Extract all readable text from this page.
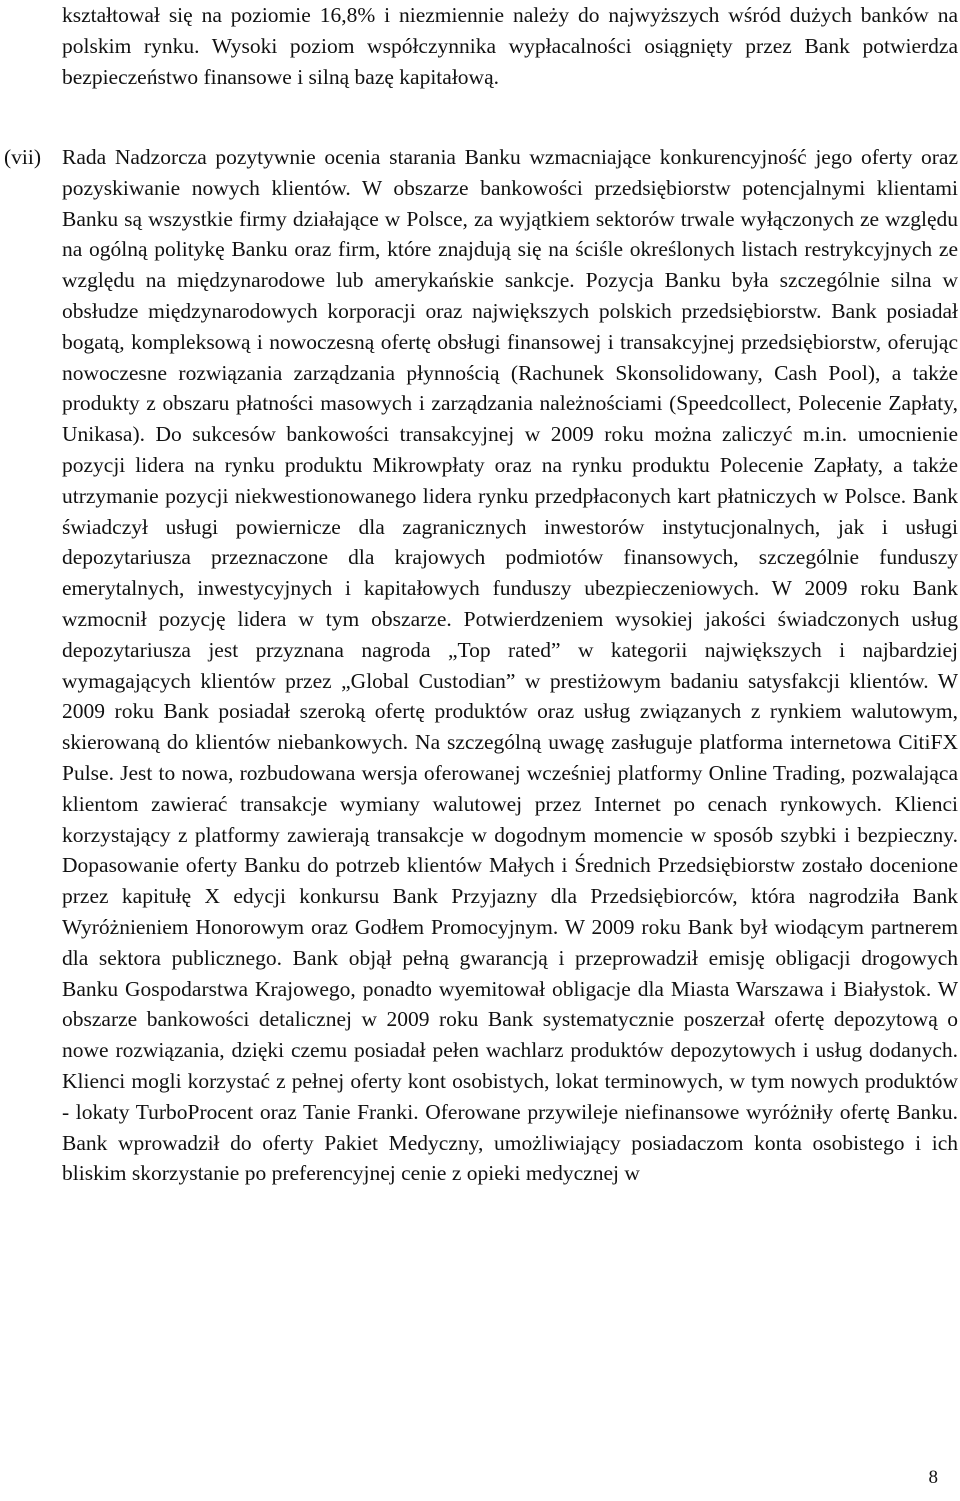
kształtował się na poziomie 16,8% i niezmiennie należy do najwyższych wśród dużych banków na polskim rynku. Wysoki poziom współczynnika wypłacalności osiągnięty przez Bank potwierdza bezpieczeństwo finansowe i silną bazę kapitałową.

(vii) Rada Nadzorcza pozytywnie ocenia starania Banku wzmacniające konkurencyjność jego oferty oraz pozyskiwanie nowych klientów. W obszarze bankowości przedsiębiorstw potencjalnymi klientami Banku są wszystkie firmy działające w Polsce, za wyjątkiem sektorów trwale wyłączonych ze względu na ogólną politykę Banku oraz firm, które znajdują się na ściśle określonych listach restrykcyjnych ze względu na międzynarodowe lub amerykańskie sankcje. Pozycja Banku była szczególnie silna w obsłudze międzynarodowych korporacji oraz największych polskich przedsiębiorstw. Bank posiadał bogatą, kompleksową i nowoczesną ofertę obsługi finansowej i transakcyjnej przedsiębiorstw, oferując nowoczesne rozwiązania zarządzania płynnością (Rachunek Skonsolidowany, Cash Pool), a także produkty z obszaru płatności masowych i zarządzania należnościami (Speedcollect, Polecenie Zapłaty, Unikasa). Do sukcesów bankowości transakcyjnej w 2009 roku można zaliczyć m.in. umocnienie pozycji lidera na rynku produktu Mikrowpłaty oraz na rynku produktu Polecenie Zapłaty, a także utrzymanie pozycji niekwestionowanego lidera rynku przedpłaconych kart płatniczych w Polsce. Bank świadczył usługi powiernicze dla zagranicznych inwestorów instytucjonalnych, jak i usługi depozytariusza przeznaczone dla krajowych podmiotów finansowych, szczególnie funduszy emerytalnych, inwestycyjnych i kapitałowych funduszy ubezpieczeniowych. W 2009 roku Bank wzmocnił pozycję lidera w tym obszarze. Potwierdzeniem wysokiej jakości świadczonych usług depozytariusza jest przyznana nagroda „Top rated” w kategorii największych i najbardziej wymagających klientów przez „Global Custodian” w prestiżowym badaniu satysfakcji klientów. W 2009 roku Bank posiadał szeroką ofertę produktów oraz usług związanych z rynkiem walutowym, skierowaną do klientów niebankowych. Na szczególną uwagę zasługuje platforma internetowa CitiFX Pulse. Jest to nowa, rozbudowana wersja oferowanej wcześniej platformy Online Trading, pozwalająca klientom zawierać transakcje wymiany walutowej przez Internet po cenach rynkowych. Klienci korzystający z platformy zawierają transakcje w dogodnym momencie w sposób szybki i bezpieczny. Dopasowanie oferty Banku do potrzeb klientów Małych i Średnich Przedsiębiorstw zostało docenione przez kapitułę X edycji konkursu Bank Przyjazny dla Przedsiębiorców, która nagrodziła Bank Wyróżnieniem Honorowym oraz Godłem Promocyjnym. W 2009 roku Bank był wiodącym partnerem dla sektora publicznego. Bank objął pełną gwarancją i przeprowadził emisję obligacji drogowych Banku Gospodarstwa Krajowego, ponadto wyemitował obligacje dla Miasta Warszawa i Białystok. W obszarze bankowości detalicznej w 2009 roku Bank systematycznie poszerzał ofertę depozytową o nowe rozwiązania, dzięki czemu posiadał pełen wachlarz produktów depozytowych i usług dodanych. Klienci mogli korzystać z pełnej oferty kont osobistych, lokat terminowych, w tym nowych produktów - lokaty TurboProcent oraz Tanie Franki. Oferowane przywileje niefinansowe wyróżniły ofertę Banku. Bank wprowadził do oferty Pakiet Medyczny, umożliwiający posiadaczom konta osobistego i ich bliskim skorzystanie po preferencyjnej cenie z opieki medycznej w

8
